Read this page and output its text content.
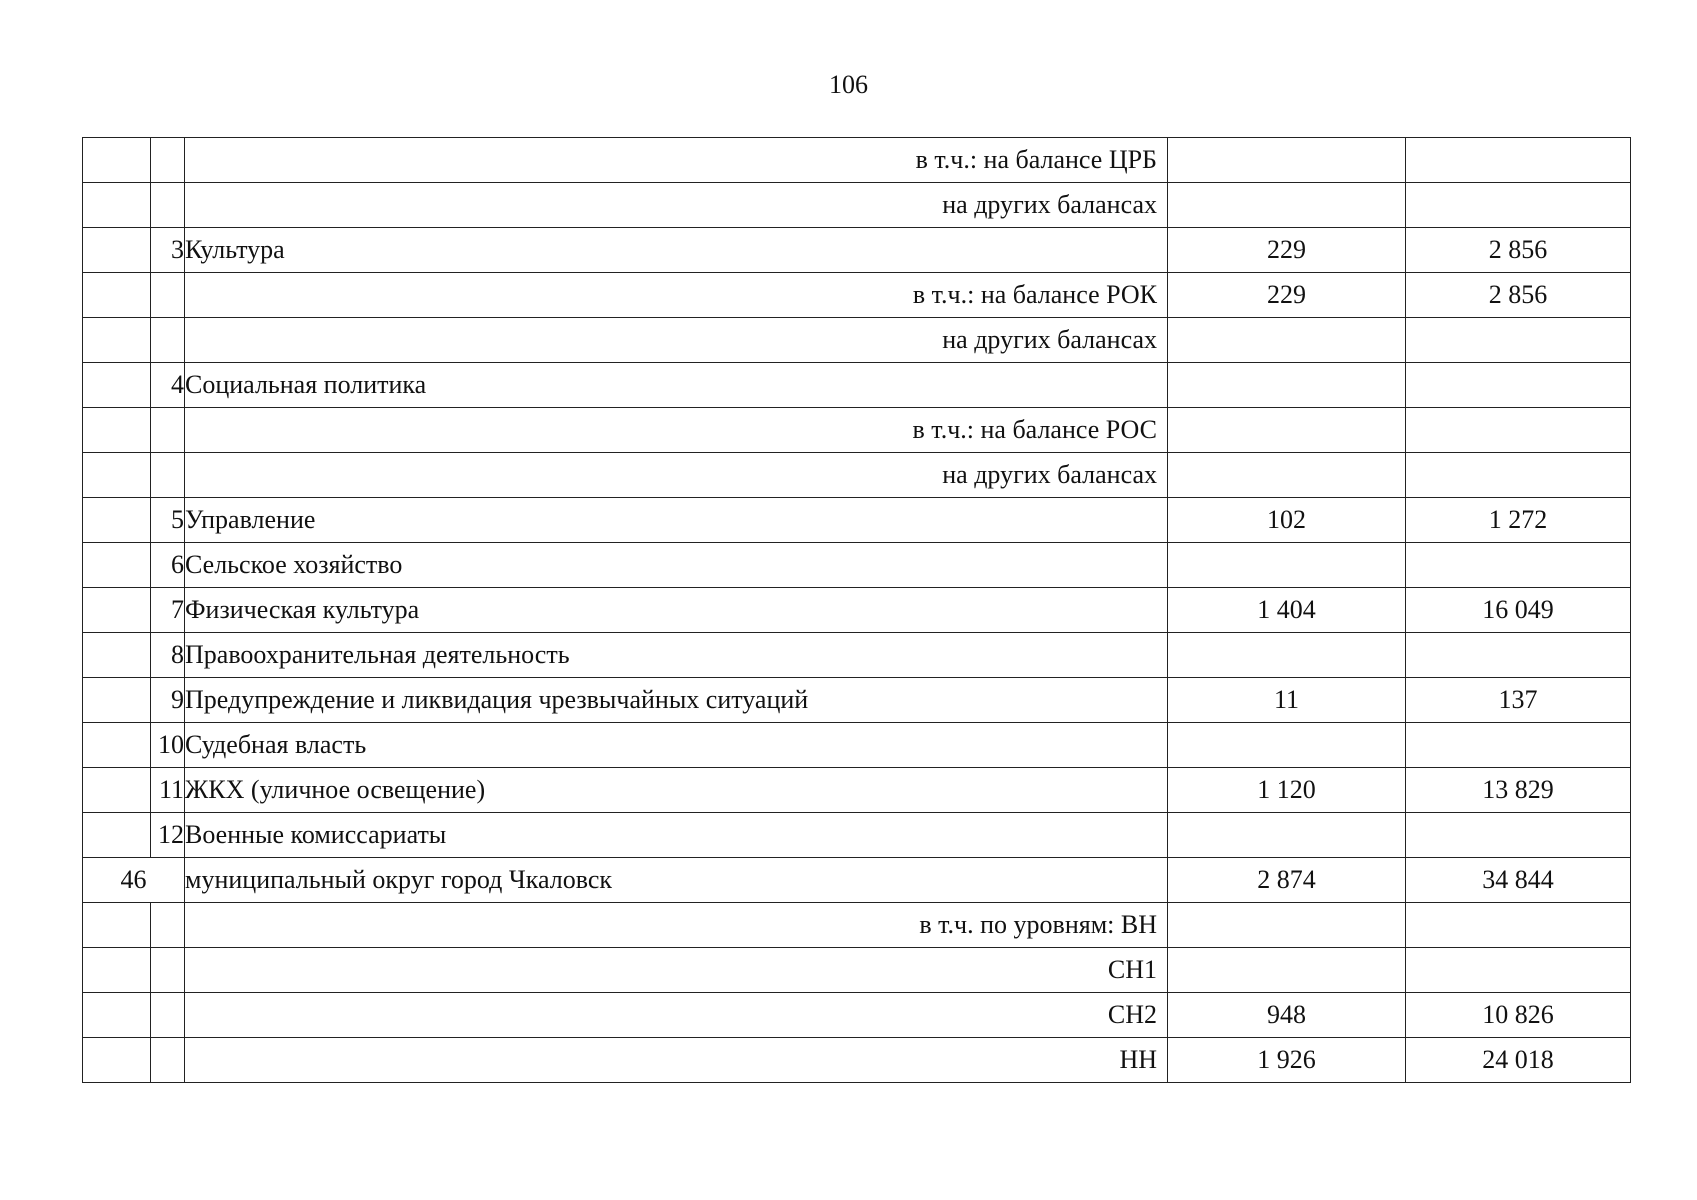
106
		в т.ч.: на балансе ЦРБ		
		на других балансах		
	3	Культура	229	2 856
		в т.ч.: на балансе РОК	229	2 856
		на других балансах		
	4	Социальная политика		
		в т.ч.: на балансе РОС		
		на других балансах		
	5	Управление	102	1 272
	6	Сельское хозяйство		
	7	Физическая культура	1 404	16 049
	8	Правоохранительная деятельность		
	9	Предупреждение и ликвидация чрезвычайных ситуаций	11	137
	10	Судебная власть		
	11	ЖКХ (уличное освещение)	1 120	13 829
	12	Военные комиссариаты		
46		муниципальный округ город Чкаловск	2 874	34 844
		в т.ч. по уровням: ВН		
		СН1		
		СН2	948	10 826
		НН	1 926	24 018
